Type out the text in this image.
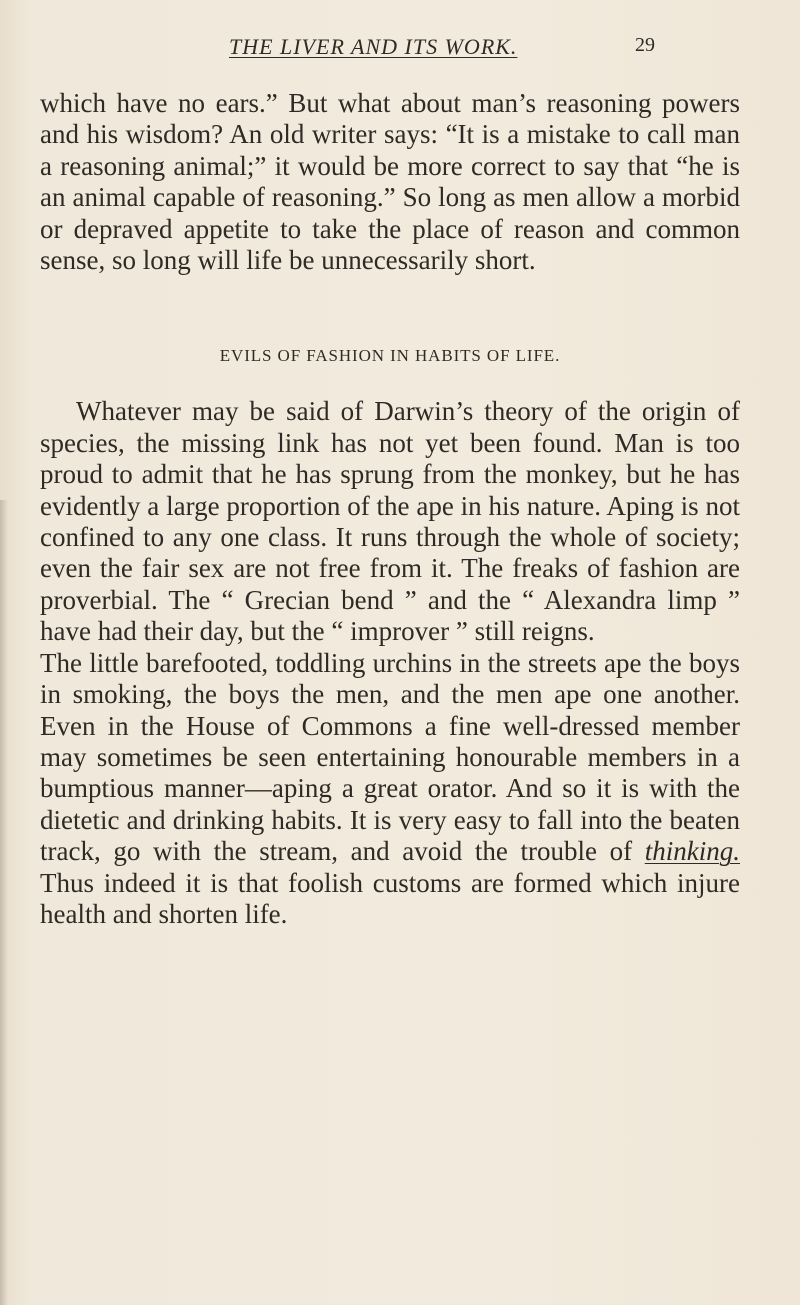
THE LIVER AND ITS WORK.	29

which have no ears.” But what about man’s reasoning powers and his wisdom? An old writer says: “It is a mistake to call man a reasoning animal;” it would be more correct to say that “he is an animal capable of reasoning.” So long as men allow a morbid or depraved appetite to take the place of reason and common sense, so long will life be unnecessarily short.

EVILS OF FASHION IN HABITS OF LIFE.

Whatever may be said of Darwin’s theory of the origin of species, the missing link has not yet been found. Man is too proud to admit that he has sprung from the monkey, but he has evidently a large proportion of the ape in his nature. Aping is not confined to any one class. It runs through the whole of society; even the fair sex are not free from it. The freaks of fashion are proverbial. The “ Grecian bend ” and the “ Alexandra limp ” have had their day, but the “ improver ” still reigns.

The little barefooted, toddling urchins in the streets ape the boys in smoking, the boys the men, and the men ape one another. Even in the House of Commons a fine well-dressed member may sometimes be seen entertaining honourable members in a bumptious manner—aping a great orator. And so it is with the dietetic and drinking habits. It is very easy to fall into the beaten track, go with the stream, and avoid the trouble of thinking. Thus indeed it is that foolish customs are formed which injure health and shorten life.
